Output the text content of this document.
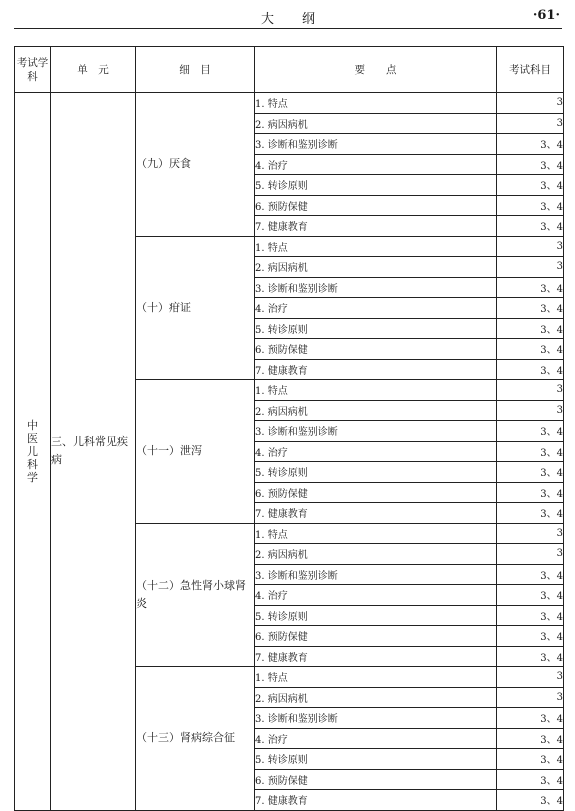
大纲	·61·
考试学科	单　元	细　目	要　　点	考试科目
中医儿科学	三、儿科常见疾病	（九）厌食	1. 特点	3
			2. 病因病机	3
			3. 诊断和鉴别诊断	3、4
			4. 治疗	3、4
			5. 转诊原则	3、4
			6. 预防保健	3、4
			7. 健康教育	3、4
		（十）疳证	1. 特点	3
			2. 病因病机	3
			3. 诊断和鉴别诊断	3、4
			4. 治疗	3、4
			5. 转诊原则	3、4
			6. 预防保健	3、4
			7. 健康教育	3、4
		（十一）泄泻	1. 特点	3
			2. 病因病机	3
			3. 诊断和鉴别诊断	3、4
			4. 治疗	3、4
			5. 转诊原则	3、4
			6. 预防保健	3、4
			7. 健康教育	3、4
		（十二）急性肾小球肾炎	1. 特点	3
			2. 病因病机	3
			3. 诊断和鉴别诊断	3、4
			4. 治疗	3、4
			5. 转诊原则	3、4
			6. 预防保健	3、4
			7. 健康教育	3、4
		（十三）肾病综合征	1. 特点	3
			2. 病因病机	3
			3. 诊断和鉴别诊断	3、4
			4. 治疗	3、4
			5. 转诊原则	3、4
			6. 预防保健	3、4
			7. 健康教育	3、4
